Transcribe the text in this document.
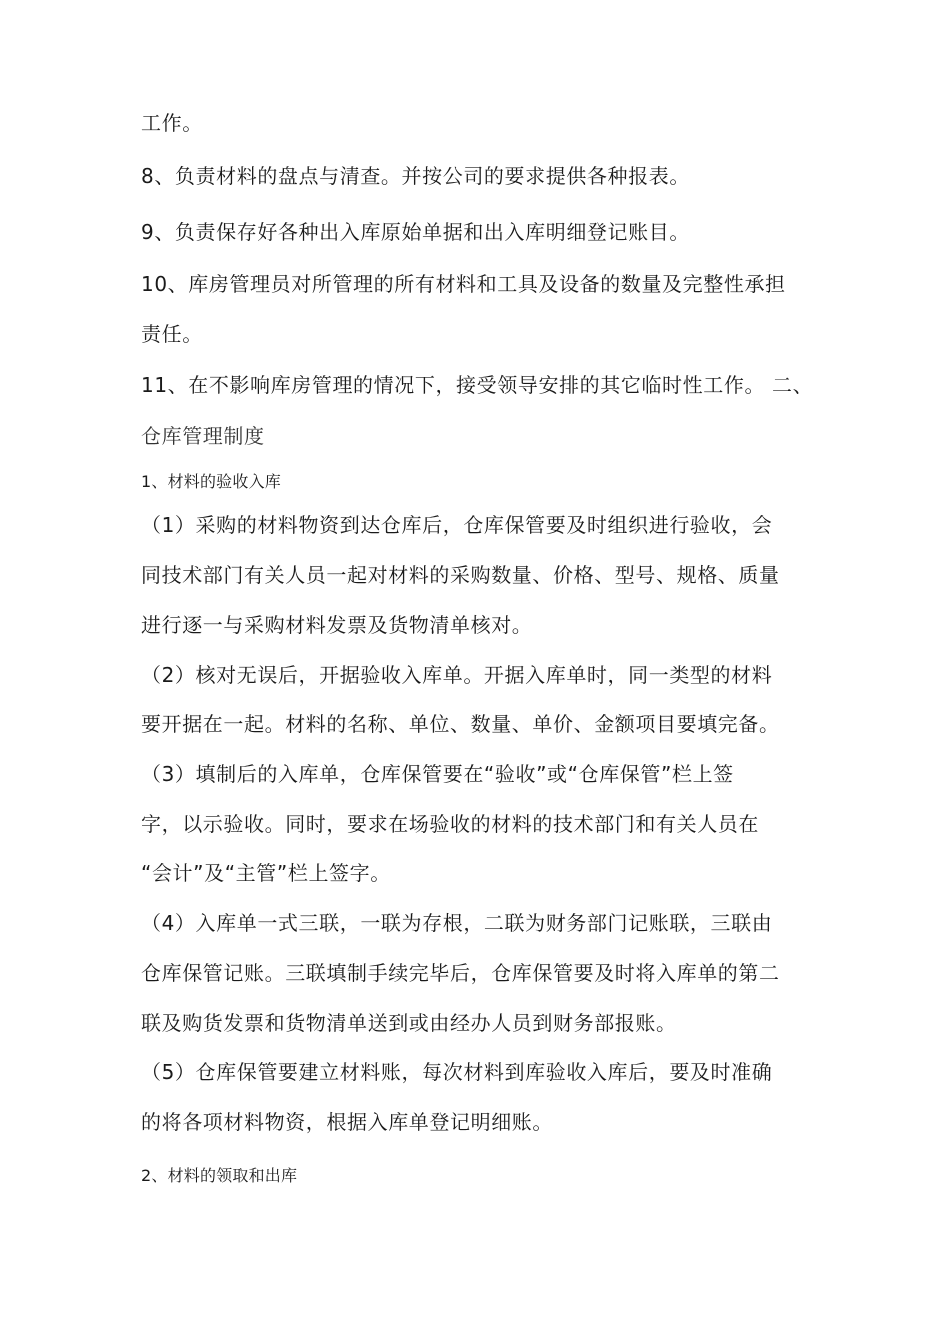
工作。
8、负责材料的盘点与清查。并按公司的要求提供各种报表。
9、负责保存好各种出入库原始单据和出入库明细登记账目。
10、库房管理员对所管理的所有材料和工具及设备的数量及完整性承担
责任。
11、在不影响库房管理的情况下，接受领导安排的其它临时性工作。 二、
仓库管理制度
1、材料的验收入库
（1）采购的材料物资到达仓库后，仓库保管要及时组织进行验收，会
同技术部门有关人员一起对材料的采购数量、价格、型号、规格、质量
进行逐一与采购材料发票及货物清单核对。
（2）核对无误后，开据验收入库单。开据入库单时，同一类型的材料
要开据在一起。材料的名称、单位、数量、单价、金额项目要填完备。
（3）填制后的入库单，仓库保管要在“验收”或“仓库保管”栏上签
字，以示验收。同时，要求在场验收的材料的技术部门和有关人员在
“会计”及“主管”栏上签字。
（4）入库单一式三联，一联为存根，二联为财务部门记账联，三联由
仓库保管记账。三联填制手续完毕后，仓库保管要及时将入库单的第二
联及购货发票和货物清单送到或由经办人员到财务部报账。
（5）仓库保管要建立材料账，每次材料到库验收入库后，要及时准确
的将各项材料物资，根据入库单登记明细账。
2、材料的领取和出库
